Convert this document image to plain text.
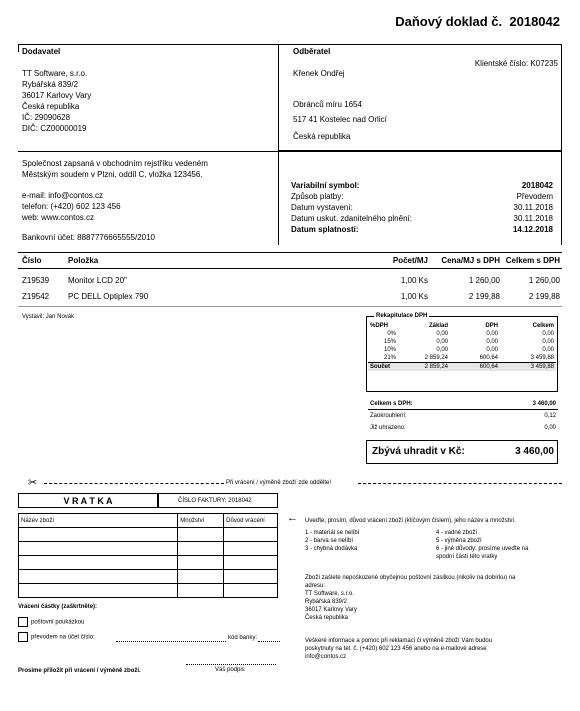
Daňový doklad č. 2018042
Dodavatel
TT Software, s.r.o.
Rybářská 839/2
36017 Karlovy Vary
Česká republika
IČ: 29090628
DIČ: CZ00000019
Odběratel
Klientské číslo: K07235
Křenek Ondřej
Obránců míru 1654
517 41 Kostelec nad Orlicí
Česká republika
Společnost zapsaná v obchodním rejstříku vedeném
Městským soudem v Plzni, oddíl C, vložka 123456.
e-mail: info@contos.cz
telefon: (+420) 602 123 456
web: www.contos.cz
Bankovní účet: 8887776665555/2010
Variabilní symbol:	2018042
Způsob platby:	Převodem
Datum vystavení:	30.11.2018
Datum uskut. zdanitelného plnění:	30.11.2018
Datum splatnosti:	14.12.2018
Číslo	Položka	Počet/MJ	Cena/MJ s DPH Celkem s DPH
Z19539 Monitor LCD 20"	1,00 Ks	1 260,00	1 260,00
Z19542 PC DELL Optiplex 790	1,00 Ks	2 199,88	2 199,88
Vystavil: Jan Novák	Rekapitulace DPH
%DPH	Základ	DPH	Celkem
0%	0,00	0,00	0,00
15%	0,00	0,00	0,00
10%	0,00	0,00	0,00
21%	2 859,24	600,64	3 459,88
Součet	2 859,24	600,64	3 459,88
Celkem s DPH:	3 460,00
Zaokrouhlení:	0,12
Již uhrazeno:	0,00
Zbývá uhradit v Kč:	3 460,00
✂	Při vrácení / výměně zboží zde oddělte!
V R A T K A	ČÍSLO FAKTURY: 2018042
Název zboží	Množství	Důvod vrácení

Vrácení částky (zaškrtněte):
poštovní poukázkou
převodem na účet číslo:	kód banky:
Prosíme přiložit při vrácení / výměně zboží.	Váš podpis
← Uveďte, prosím, důvod vrácení zboží (klíčovým číslem), jeho název a množství.
1 - materiál se nelíbí
2 - barva se nelíbí
3 - chybná dodávka
4 - vadné zboží
5 - výměna zboží
6 - jiné důvody: prosíme uveďte na
spodní části této vratky
Zboží zašlete nepoškozené obyčejnou poštovní zásilkou (nikoliv na dobírku) na
adresu:
TT Software, s.r.o.
Rybářská 839/2
36017 Karlovy Vary
Česká republika
Veškeré informace a pomoc při reklamaci či výměně zboží Vám budou
poskytnuty na tel. č. (+420) 602 123 456 anebo na e-mailové adrese
info@contos.cz
